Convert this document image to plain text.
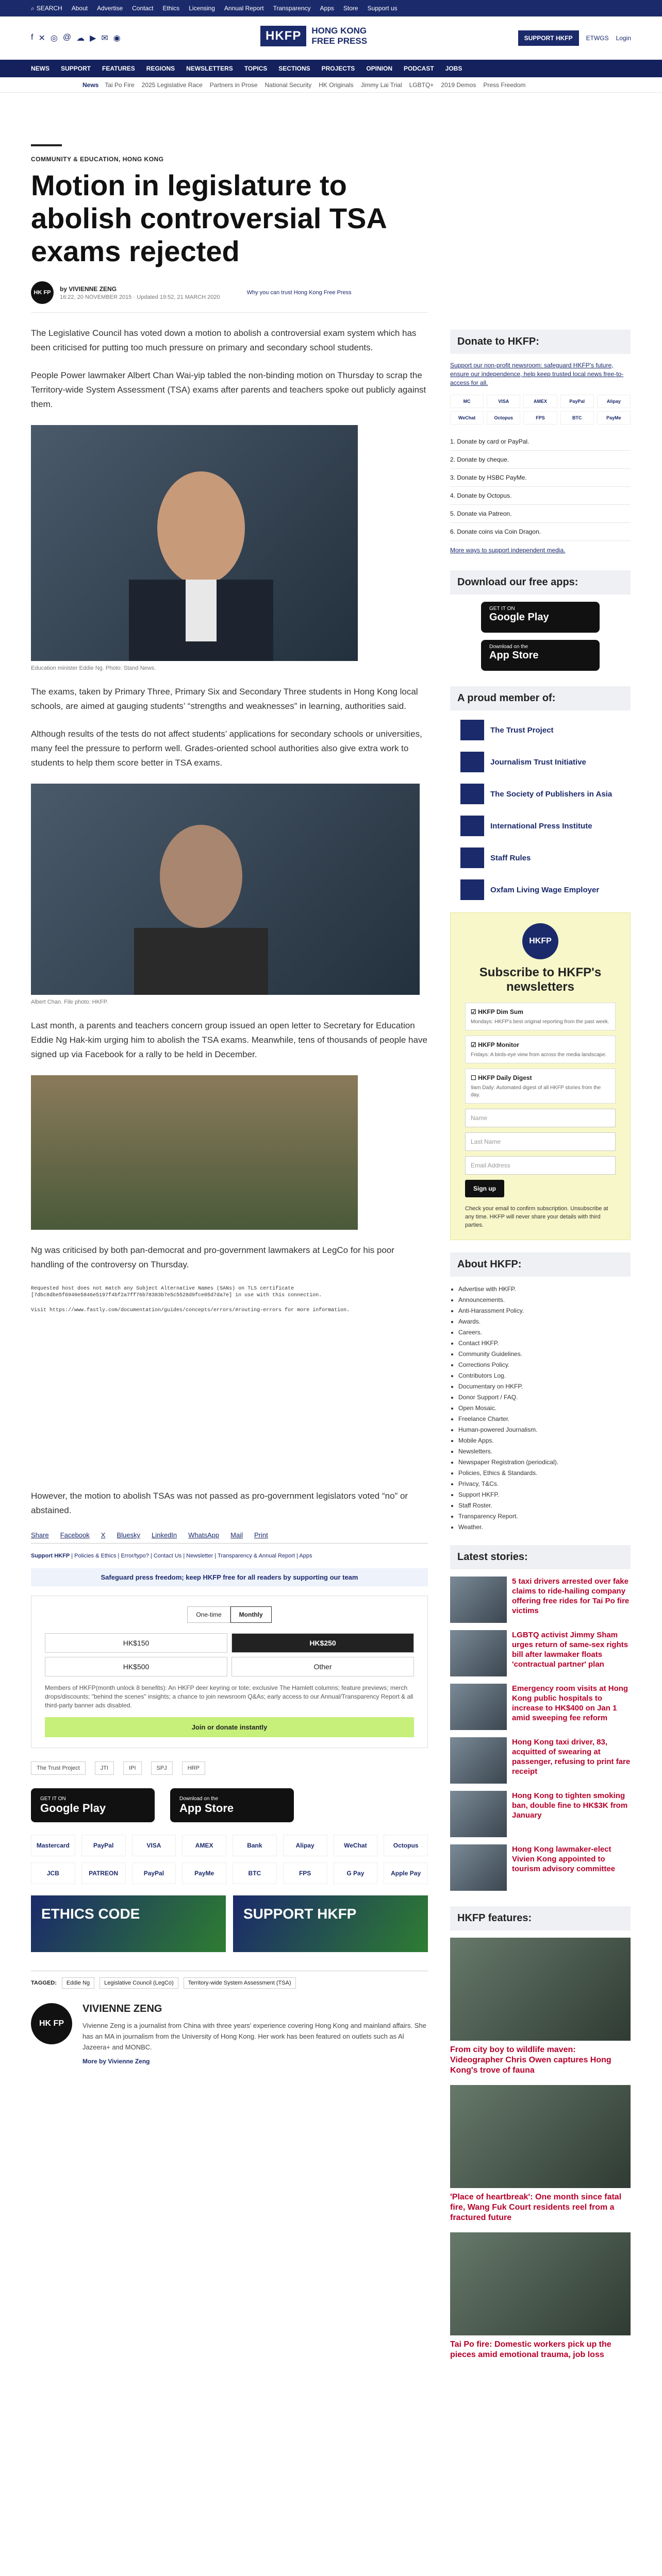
⌕ SEARCH About Advertise Contact Ethics Licensing Annual Report Transparency Apps Store Support us
f ✕ ◎ @ ☁ ▶ ✉ ◉	HKFP	HONG KONG
FREE PRESS	SUPPORT HKFP	ETWGS Login
NEWS SUPPORT FEATURES REGIONS NEWSLETTERS TOPICS SECTIONS PROJECTS OPINION PODCAST JOBS
News Tai Po Fire 2025 Legislative Race Partners in Prose National Security HK Originals Jimmy Lai Trial LGBTQ+ 2019 Demos Press Freedom
COMMUNITY & EDUCATION, HONG KONG
Motion in legislature to abolish controversial TSA exams rejected
HK FP
by VIVIENNE ZENG
16:22, 20 NOVEMBER 2015 · Updated 19:52, 21 MARCH 2020
Why you can trust Hong Kong Free Press

The Legislative Council has voted down a motion to abolish a controversial exam system which has been criticised for putting too much pressure on primary and secondary school students.

People Power lawmaker Albert Chan Wai-yip tabled the non-binding motion on Thursday to scrap the Territory-wide System Assessment (TSA) exams after parents and teachers spoke out publicly against them.

Education minister Eddie Ng. Photo: Stand News.

The exams, taken by Primary Three, Primary Six and Secondary Three students in Hong Kong local schools, are aimed at gauging students’ “strengths and weaknesses” in learning, authorities said.

Although results of the tests do not affect students’ applications for secondary schools or universities, many feel the pressure to perform well. Grades-oriented school authorities also give extra work to students to help them score better in TSA exams.

Albert Chan. File photo: HKFP.

Last month, a parents and teachers concern group issued an open letter to Secretary for Education Eddie Ng Hak-kim urging him to abolish the TSA exams. Meanwhile, tens of thousands of people have signed up via Facebook for a rally to be held in December.

Ng was criticised by both pan-democrat and pro-government lawmakers at LegCo for his poor handling of the controversy on Thursday.

Requested host does not match any Subject Alternative Names (SANs) on TLS certificate [7dbc8dbe5f6940e5846e5197f4bf2a7ff76b78383b7e5c5528d9fce05d7da7e] in use with this connection.
Visit https://www.fastly.com/documentation/guides/concepts/errors/#routing-errors for more information.

However, the motion to abolish TSAs was not passed as pro-government legislators voted “no” or abstained.

Share Facebook X Bluesky LinkedIn WhatsApp Mail Print
Support HKFP | Policies & Ethics | Error/typo? | Contact Us | Newsletter | Transparency & Annual Report | Apps
Safeguard press freedom; keep HKFP free for all readers by supporting our team
One-time	Monthly
HK$150	HK$250
HK$500	Other
Members of HKFP(month unlock 8 benefits): An HKFP deer keyring or tote; exclusive The Hamlett columns; feature previews; merch drops/discounts; "behind the scenes" insights; a chance to join newsroom Q&As; early access to our Annual/Transparency Report & all third-party banner ads disabled.
Join or donate instantly
The Trust Project	JTI	IPI	SPJ	HRP
GET IT ON
Google Play
Download on the
App Store
Mastercard	PayPal	VISA	AMEX	Bank	Alipay	WeChat	Octopus
JCB	PATREON	PayPal	PayMe	BTC	FPS	G Pay	Apple Pay
ETHICS CODE	SUPPORT HKFP
TAGGED:	Eddie Ng	Legislative Council (LegCo)	Territory-wide System Assessment (TSA)
HK FP
VIVIENNE ZENG
Vivienne Zeng is a journalist from China with three years' experience covering Hong Kong and mainland affairs. She has an MA in journalism from the University of Hong Kong. Her work has been featured on outlets such as Al Jazeera+ and MONBC.
More by Vivienne Zeng
Donate to HKFP:
Support our non-profit newsroom: safeguard HKFP's future, ensure our independence, help keep trusted local news free-to-access for all.
MC	VISA	AMEX	PayPal	Alipay
WeChat	Octopus	FPS	BTC	PayMe
1. Donate by card or PayPal.
2. Donate by cheque.
3. Donate by HSBC PayMe.
4. Donate by Octopus.
5. Donate via Patreon.
6. Donate coins via Coin Dragon.
More ways to support independent media.
Download our free apps:
GET IT ON
Google Play
Download on the
App Store
A proud member of:
The Trust Project
Journalism Trust Initiative
The Society of Publishers in Asia
International Press Institute
Staff Rules
Oxfam Living Wage Employer
HKFP
Subscribe to HKFP's newsletters
☑ HKFP Dim Sum
Mondays: HKFP's best original reporting from the past week.
☑ HKFP Monitor
Fridays: A birds-eye view from across the media landscape.
☐ HKFP Daily Digest
9am Daily: Automated digest of all HKFP stories from the day.
Name
Last Name
Email Address
Sign up
Check your email to confirm subscription. Unsubscribe at any time. HKFP will never share your details with third parties.
About HKFP:
• Advertise with HKFP.
• Announcements.
• Anti-Harassment Policy.
• Awards.
• Careers.
• Contact HKFP.
• Community Guidelines.
• Corrections Policy.
• Contributors Log.
• Documentary on HKFP.
• Donor Support / FAQ.
• Open Mosaic.
• Freelance Charter.
• Human-powered Journalism.
• Mobile Apps.
• Newsletters.
• Newspaper Registration (periodical).
• Policies, Ethics & Standards.
• Privacy, T&Cs.
• Support HKFP.
• Staff Roster.
• Transparency Report.
• Weather.
Latest stories:
5 taxi drivers arrested over fake claims to ride-hailing company offering free rides for Tai Po fire victims
LGBTQ activist Jimmy Sham urges return of same-sex rights bill after lawmaker floats 'contractual partner' plan
Emergency room visits at Hong Kong public hospitals to increase to HK$400 on Jan 1 amid sweeping fee reform
Hong Kong taxi driver, 83, acquitted of swearing at passenger, refusing to print fare receipt
Hong Kong to tighten smoking ban, double fine to HK$3K from January
Hong Kong lawmaker-elect Vivien Kong appointed to tourism advisory committee
HKFP features:
From city boy to wildlife maven: Videographer Chris Owen captures Hong Kong's trove of fauna
'Place of heartbreak': One month since fatal fire, Wang Fuk Court residents reel from a fractured future
Tai Po fire: Domestic workers pick up the pieces amid emotional trauma, job loss
